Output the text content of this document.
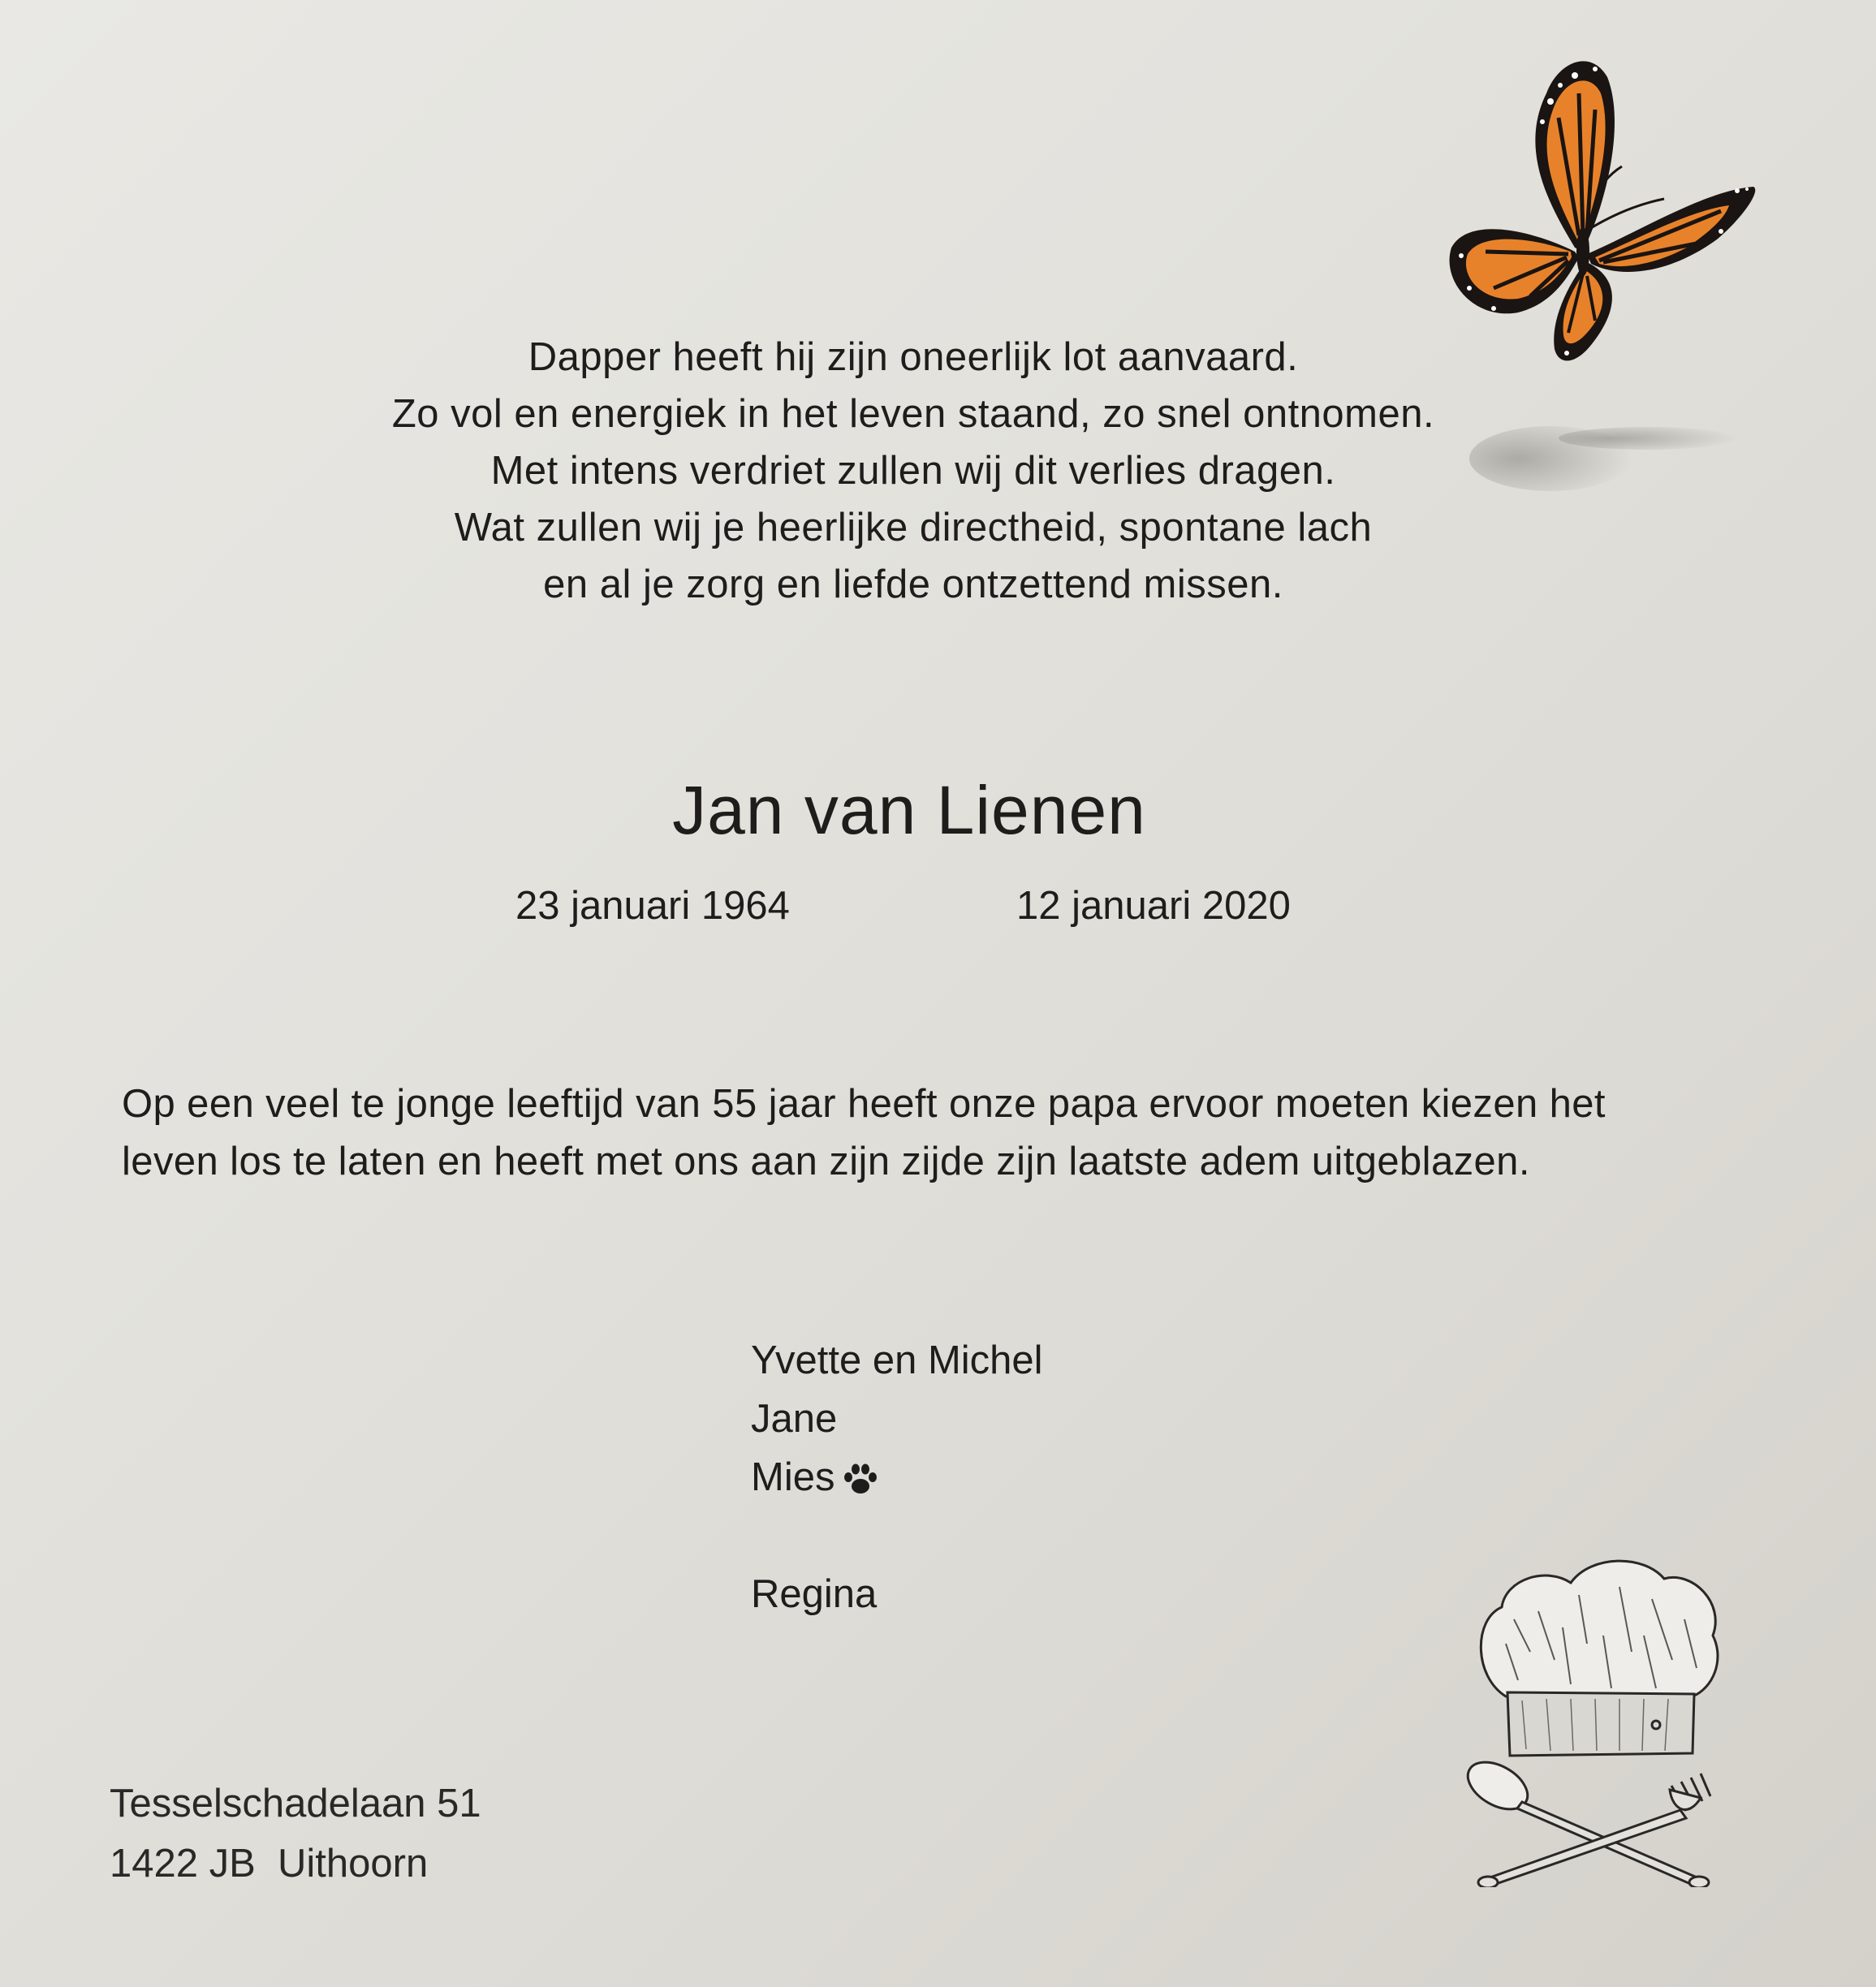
Dapper heeft hij zijn oneerlijk lot aanvaard.
Zo vol en energiek in het leven staand, zo snel ontnomen.
Met intens verdriet zullen wij dit verlies dragen.
Wat zullen wij je heerlijke directheid, spontane lach
en al je zorg en liefde ontzettend missen.
Jan van Lienen
23 januari 1964	12 januari 2020
Op een veel te jonge leeftijd van 55 jaar heeft onze papa ervoor moeten kiezen het
leven los te laten en heeft met ons aan zijn zijde zijn laatste adem uitgeblazen.
Yvette en Michel
Jane
Mies
Regina
Tesselschadelaan 51
1422 JB  Uithoorn
